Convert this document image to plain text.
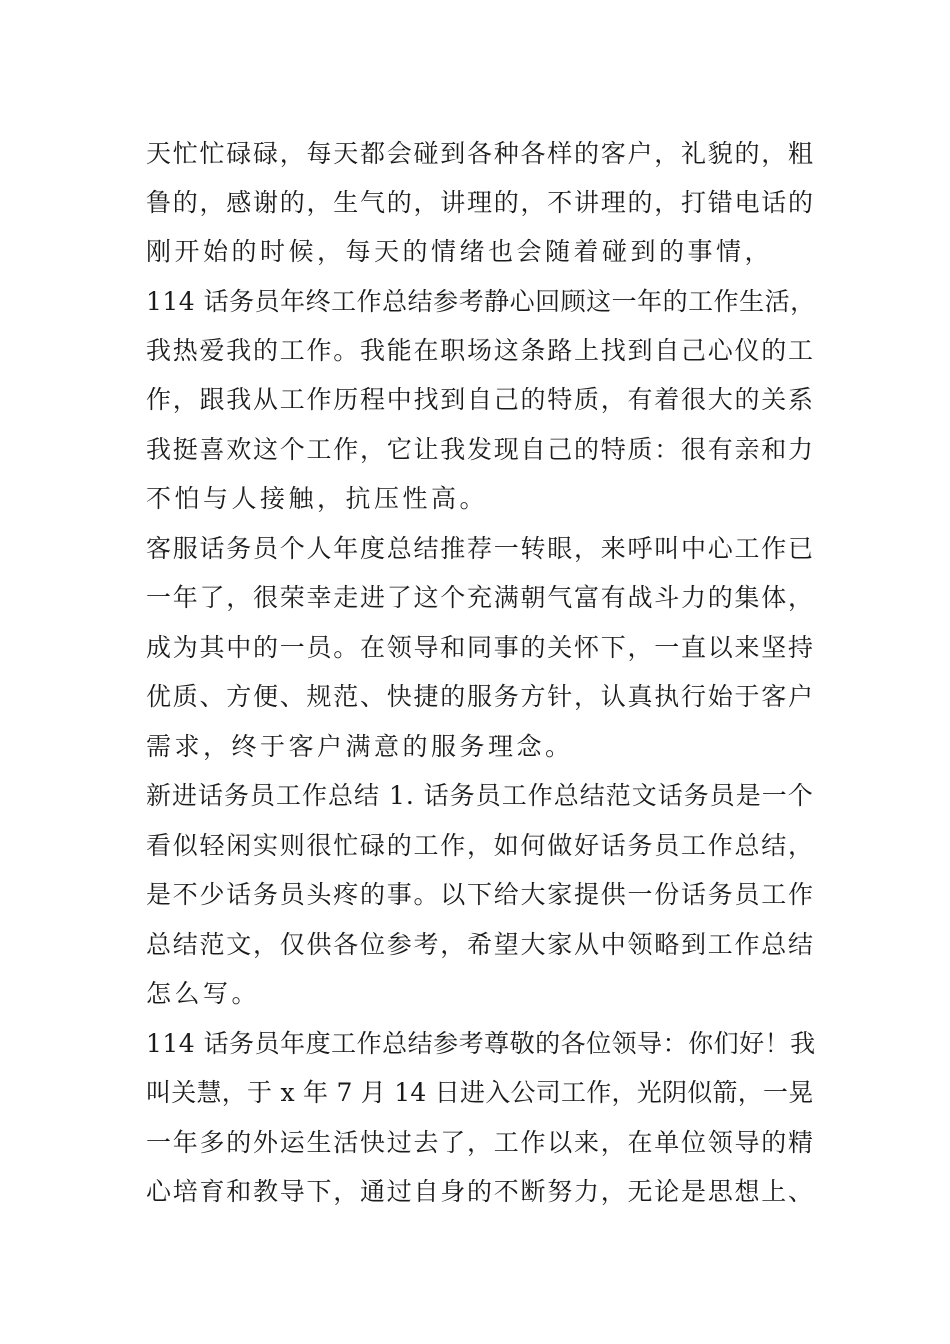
天忙忙碌碌，每天都会碰到各种各样的客户，礼貌的，粗
鲁的，感谢的，生气的，讲理的，不讲理的，打错电话的
刚开始的时候，每天的情绪也会随着碰到的事情，
114 话务员年终工作总结参考静心回顾这一年的工作生活，
我热爱我的工作。我能在职场这条路上找到自己心仪的工
作，跟我从工作历程中找到自己的特质，有着很大的关系
我挺喜欢这个工作，它让我发现自己的特质：很有亲和力
不怕与人接触，抗压性高。
客服话务员个人年度总结推荐一转眼，来呼叫中心工作已
一年了，很荣幸走进了这个充满朝气富有战斗力的集体，
成为其中的一员。在领导和同事的关怀下，一直以来坚持
优质、方便、规范、快捷的服务方针，认真执行始于客户
需求，终于客户满意的服务理念。
新进话务员工作总结 1. 话务员工作总结范文话务员是一个
看似轻闲实则很忙碌的工作，如何做好话务员工作总结，
是不少话务员头疼的事。以下给大家提供一份话务员工作
总结范文，仅供各位参考，希望大家从中领略到工作总结
怎么写。
114 话务员年度工作总结参考尊敬的各位领导：你们好！我
叫关慧，于 x 年 7 月 14 日进入公司工作，光阴似箭，一晃
一年多的外运生活快过去了，工作以来，在单位领导的精
心培育和教导下，通过自身的不断努力，无论是思想上、
